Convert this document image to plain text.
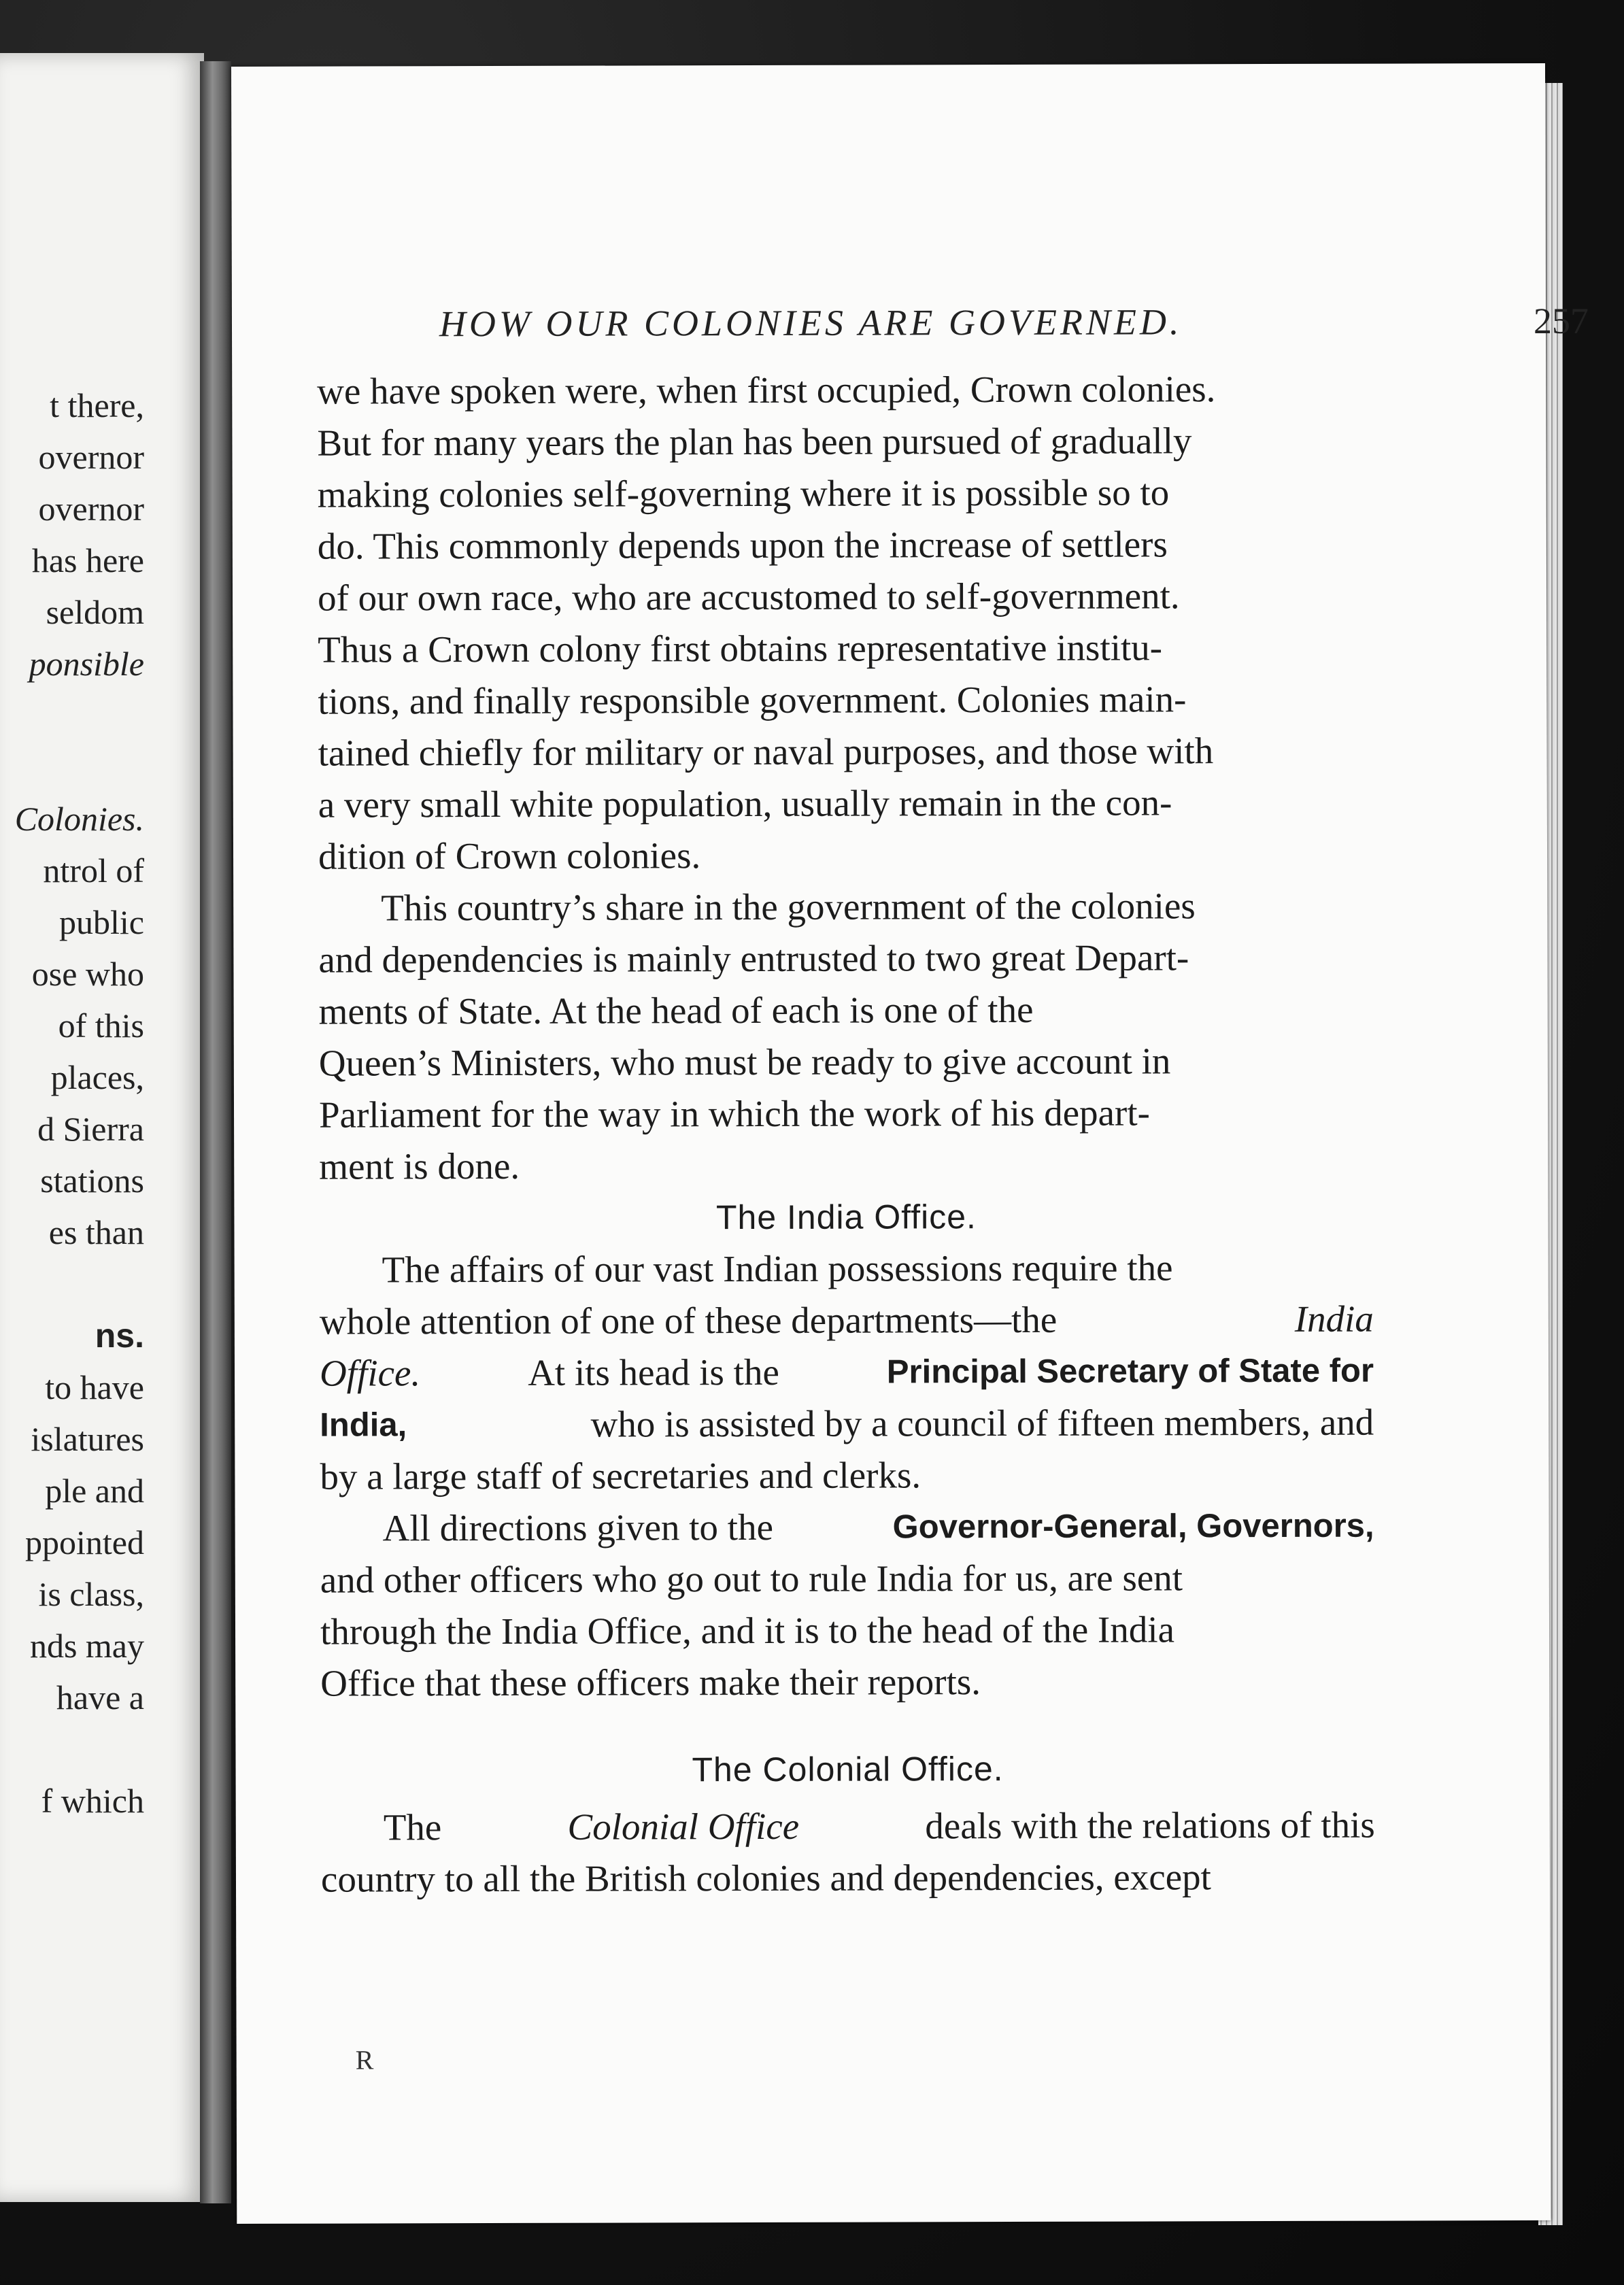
t there,
overnor
overnor
has here
seldom
ponsible
Colonies.
ntrol of
public
ose who
of this
places,
d Sierra
stations
es than
ns.
to have
islatures
ple and
ppointed
is class,
nds may
have a
f which
HOW OUR COLONIES ARE GOVERNED.	257
we have spoken were, when first occupied, Crown colonies.
But for many years the plan has been pursued of gradually
making colonies self-governing where it is possible so to
do. This commonly depends upon the increase of settlers
of our own race, who are accustomed to self-government.
Thus a Crown colony first obtains representative institu-
tions, and finally responsible government. Colonies main-
tained chiefly for military or naval purposes, and those with
a very small white population, usually remain in the con-
dition of Crown colonies.
This country’s share in the government of the colonies
and dependencies is mainly entrusted to two great Depart-
ments of State. At the head of each is one of the
Queen’s Ministers, who must be ready to give account in
Parliament for the way in which the work of his depart-
ment is done.
The India Office.
The affairs of our vast Indian possessions require the
whole attention of one of these departments—the
	India
Office.	At its head is the	Principal Secretary of State for
India,	who is assisted by a council of fifteen members, and
by a large staff of secretaries and clerks.
All directions given to the	Governor-General, Governors,
and other officers who go out to rule India for us, are sent
through the India Office, and it is to the head of the India
Office that these officers make their reports.
The Colonial Office.
The	Colonial Office	deals with the relations of this
country to all the British colonies and dependencies, except
R
